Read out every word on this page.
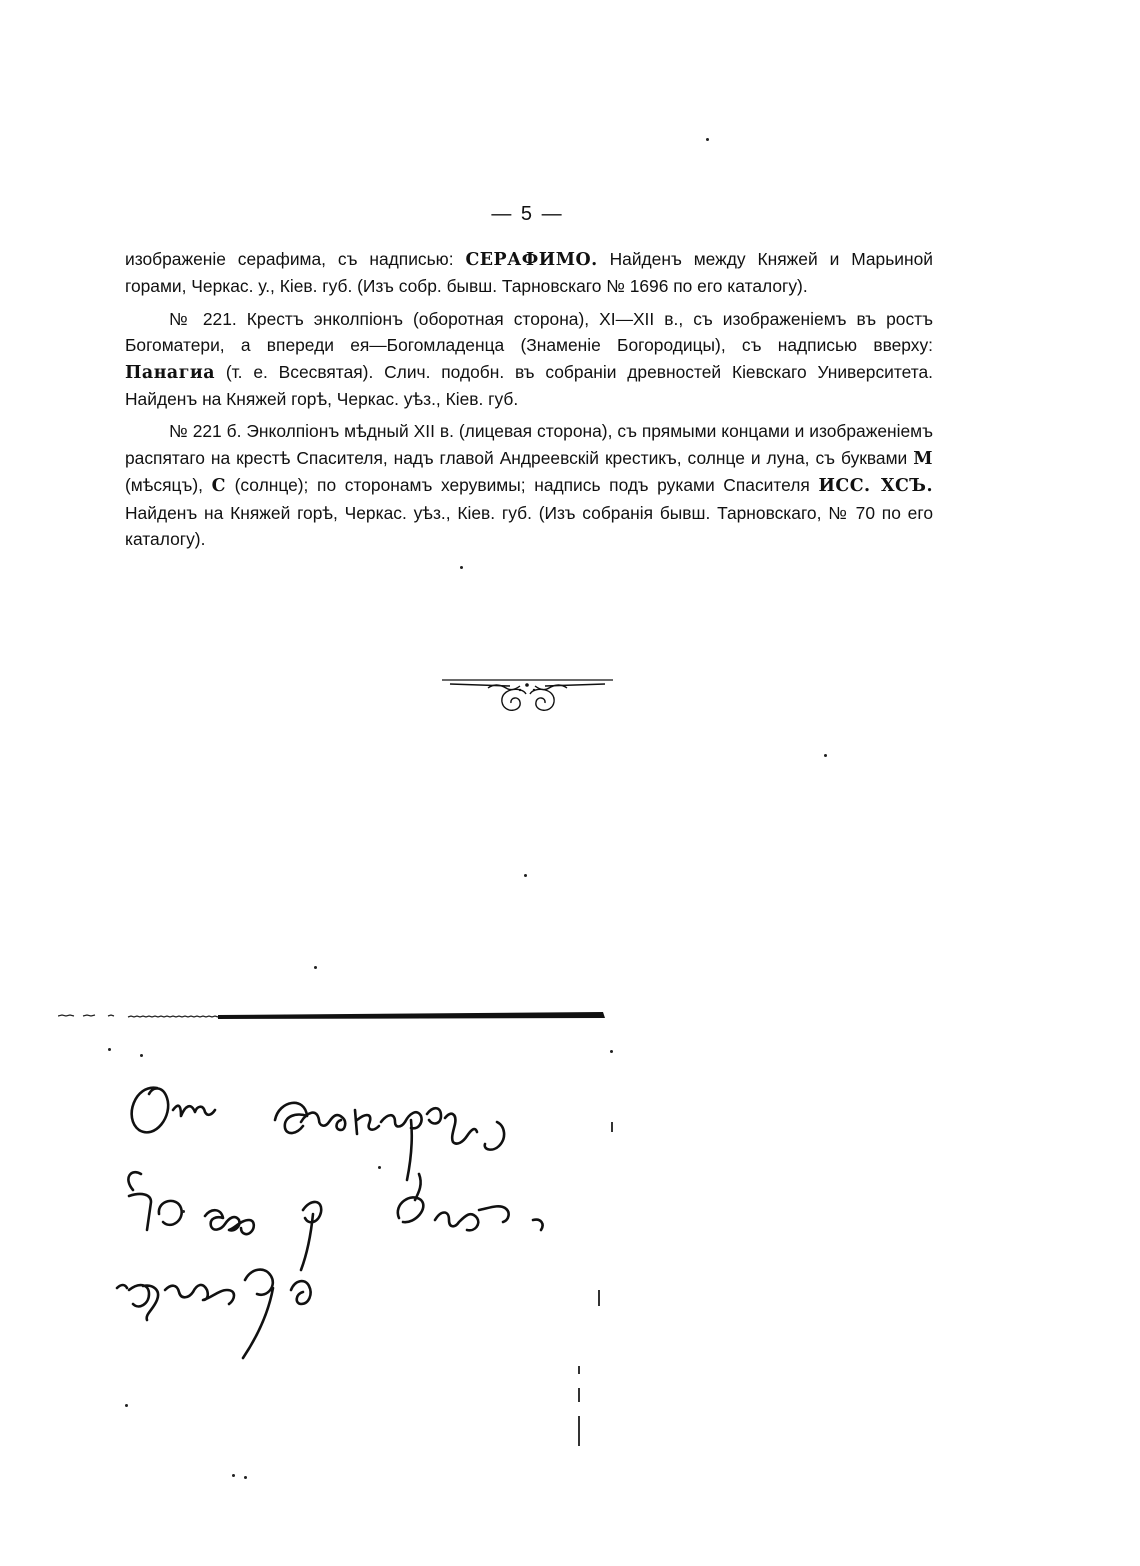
— 5 —

изображеніе серафима, съ надписью: СЕРАФИМО. Найденъ между Княжей и Марьиной горами, Черкас. у., Кіев. губ. (Изъ собр. бывш. Тарновскаго № 1696 по его каталогу).

№ 221. Крестъ энколпіонъ (оборотная сторона), XI—XII в., съ изображеніемъ въ ростъ Богоматери, а впереди ея—Богомладенца (Знаменіе Богородицы), съ надписью вверху: Панагиа (т. е. Всесвятая). Слич. подобн. въ собраніи древностей Кіевскаго Университета. Найденъ на Княжей горѣ, Черкас. уѣз., Кіев. губ.

№ 221 б. Энколпіонъ мѣдный XII в. (лицевая сторона), съ прямыми концами и изображеніемъ распятаго на крестѣ Спасителя, надъ главой Андреевскій крестикъ, солнце и луна, съ буквами М (мѣсяцъ), С (солнце); по сторонамъ херувимы; надпись подъ руками Спасителя ИСС. ХСЪ. Найденъ на Княжей горѣ, Черкас. уѣз., Кіев. губ. (Изъ собранія бывш. Тарновскаго, № 70 по его каталогу).
